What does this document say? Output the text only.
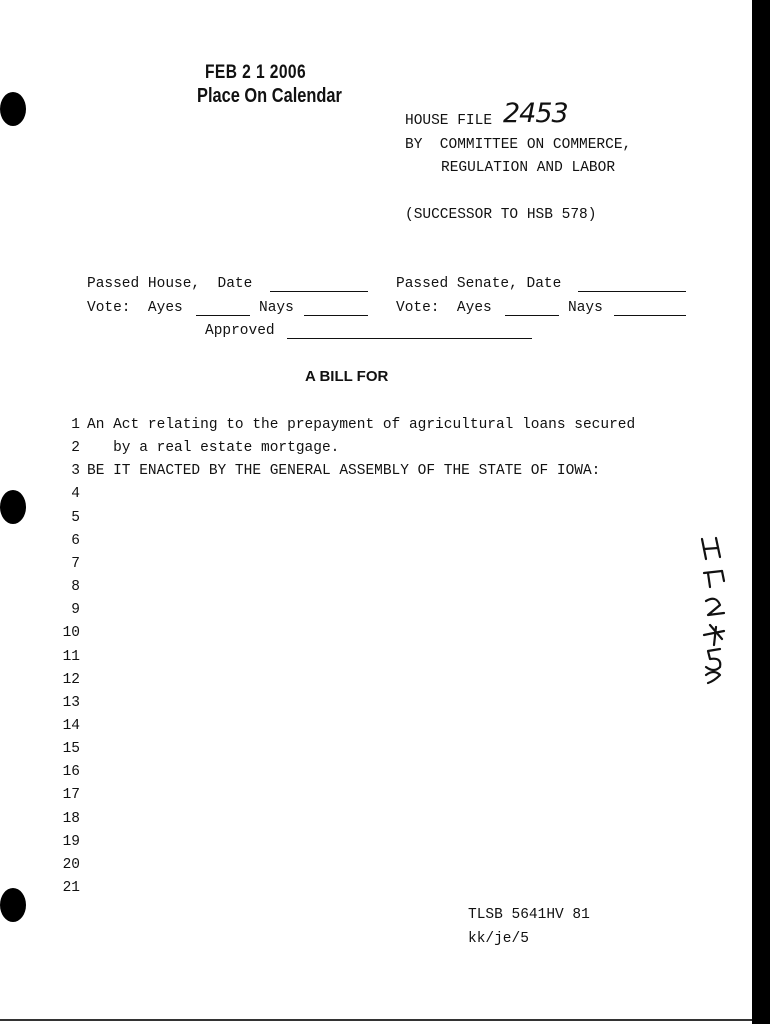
FEB 2 1 2006
Place On Calendar
HOUSE FILE 2453
BY  COMMITTEE ON COMMERCE,
REGULATION AND LABOR
(SUCCESSOR TO HSB 578)
Passed House,  Date	Passed Senate, Date
Vote:  Ayes	Nays	Vote:  Ayes	Nays
Approved
A BILL FOR
1 An Act relating to the prepayment of agricultural loans secured
2 by a real estate mortgage.
3 BE IT ENACTED BY THE GENERAL ASSEMBLY OF THE STATE OF IOWA:
4
5
6
7
8
9
10
11
12
13
14
15
16
17
18
19
20
21
TLSB 5641HV 81
kk/je/5
